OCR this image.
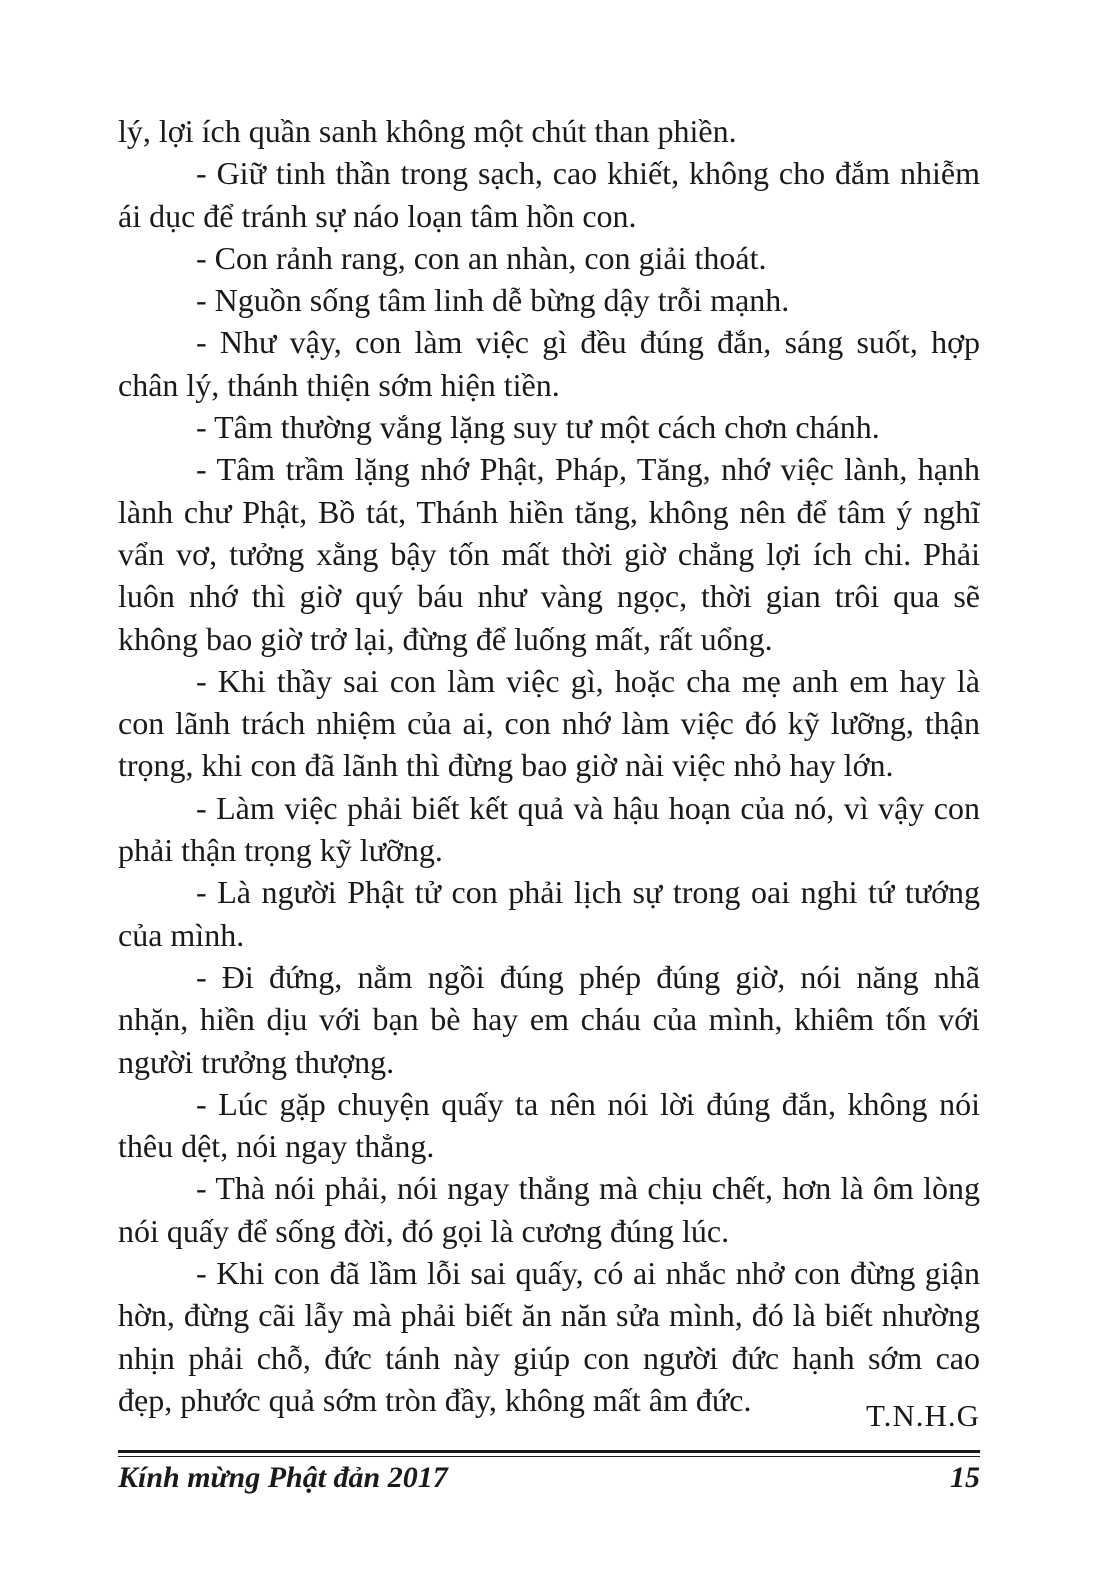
lý, lợi ích quần sanh không một chút than phiền.
- Giữ tinh thần trong sạch, cao khiết, không cho đắm nhiễm
ái dục để tránh sự náo loạn tâm hồn con.
- Con rảnh rang, con an nhàn, con giải thoát.
- Nguồn sống tâm linh dễ bừng dậy trỗi mạnh.
- Như vậy, con làm việc gì đều đúng đắn, sáng suốt, hợp
chân lý, thánh thiện sớm hiện tiền.
- Tâm thường vắng lặng suy tư một cách chơn chánh.
- Tâm trầm lặng nhớ Phật, Pháp, Tăng, nhớ việc lành, hạnh
lành chư Phật, Bồ tát, Thánh hiền tăng, không nên để tâm ý nghĩ
vẩn vơ, tưởng xằng bậy tốn mất thời giờ chẳng lợi ích chi. Phải
luôn nhớ thì giờ quý báu như vàng ngọc, thời gian trôi qua sẽ
không bao giờ trở lại, đừng để luống mất, rất uổng.
- Khi thầy sai con làm việc gì, hoặc cha mẹ anh em hay là
con lãnh trách nhiệm của ai, con nhớ làm việc đó kỹ lưỡng, thận
trọng, khi con đã lãnh thì đừng bao giờ nài việc nhỏ hay lớn.
- Làm việc phải biết kết quả và hậu hoạn của nó, vì vậy con
phải thận trọng kỹ lưỡng.
- Là người Phật tử con phải lịch sự trong oai nghi tứ tướng
của mình.
- Đi đứng, nằm ngồi đúng phép đúng giờ, nói năng nhã
nhặn, hiền dịu với bạn bè hay em cháu của mình, khiêm tốn với
người trưởng thượng.
- Lúc gặp chuyện quấy ta nên nói lời đúng đắn, không nói
thêu dệt, nói ngay thẳng.
- Thà nói phải, nói ngay thẳng mà chịu chết, hơn là ôm lòng
nói quấy để sống đời, đó gọi là cương đúng lúc.
- Khi con đã lầm lỗi sai quấy, có ai nhắc nhở con đừng giận
hờn, đừng cãi lẫy mà phải biết ăn năn sửa mình, đó là biết nhường
nhịn phải chỗ, đức tánh này giúp con người đức hạnh sớm cao
đẹp, phước quả sớm tròn đầy, không mất âm đức.	T.N.H.G
Kính mừng Phật đản 2017	15
